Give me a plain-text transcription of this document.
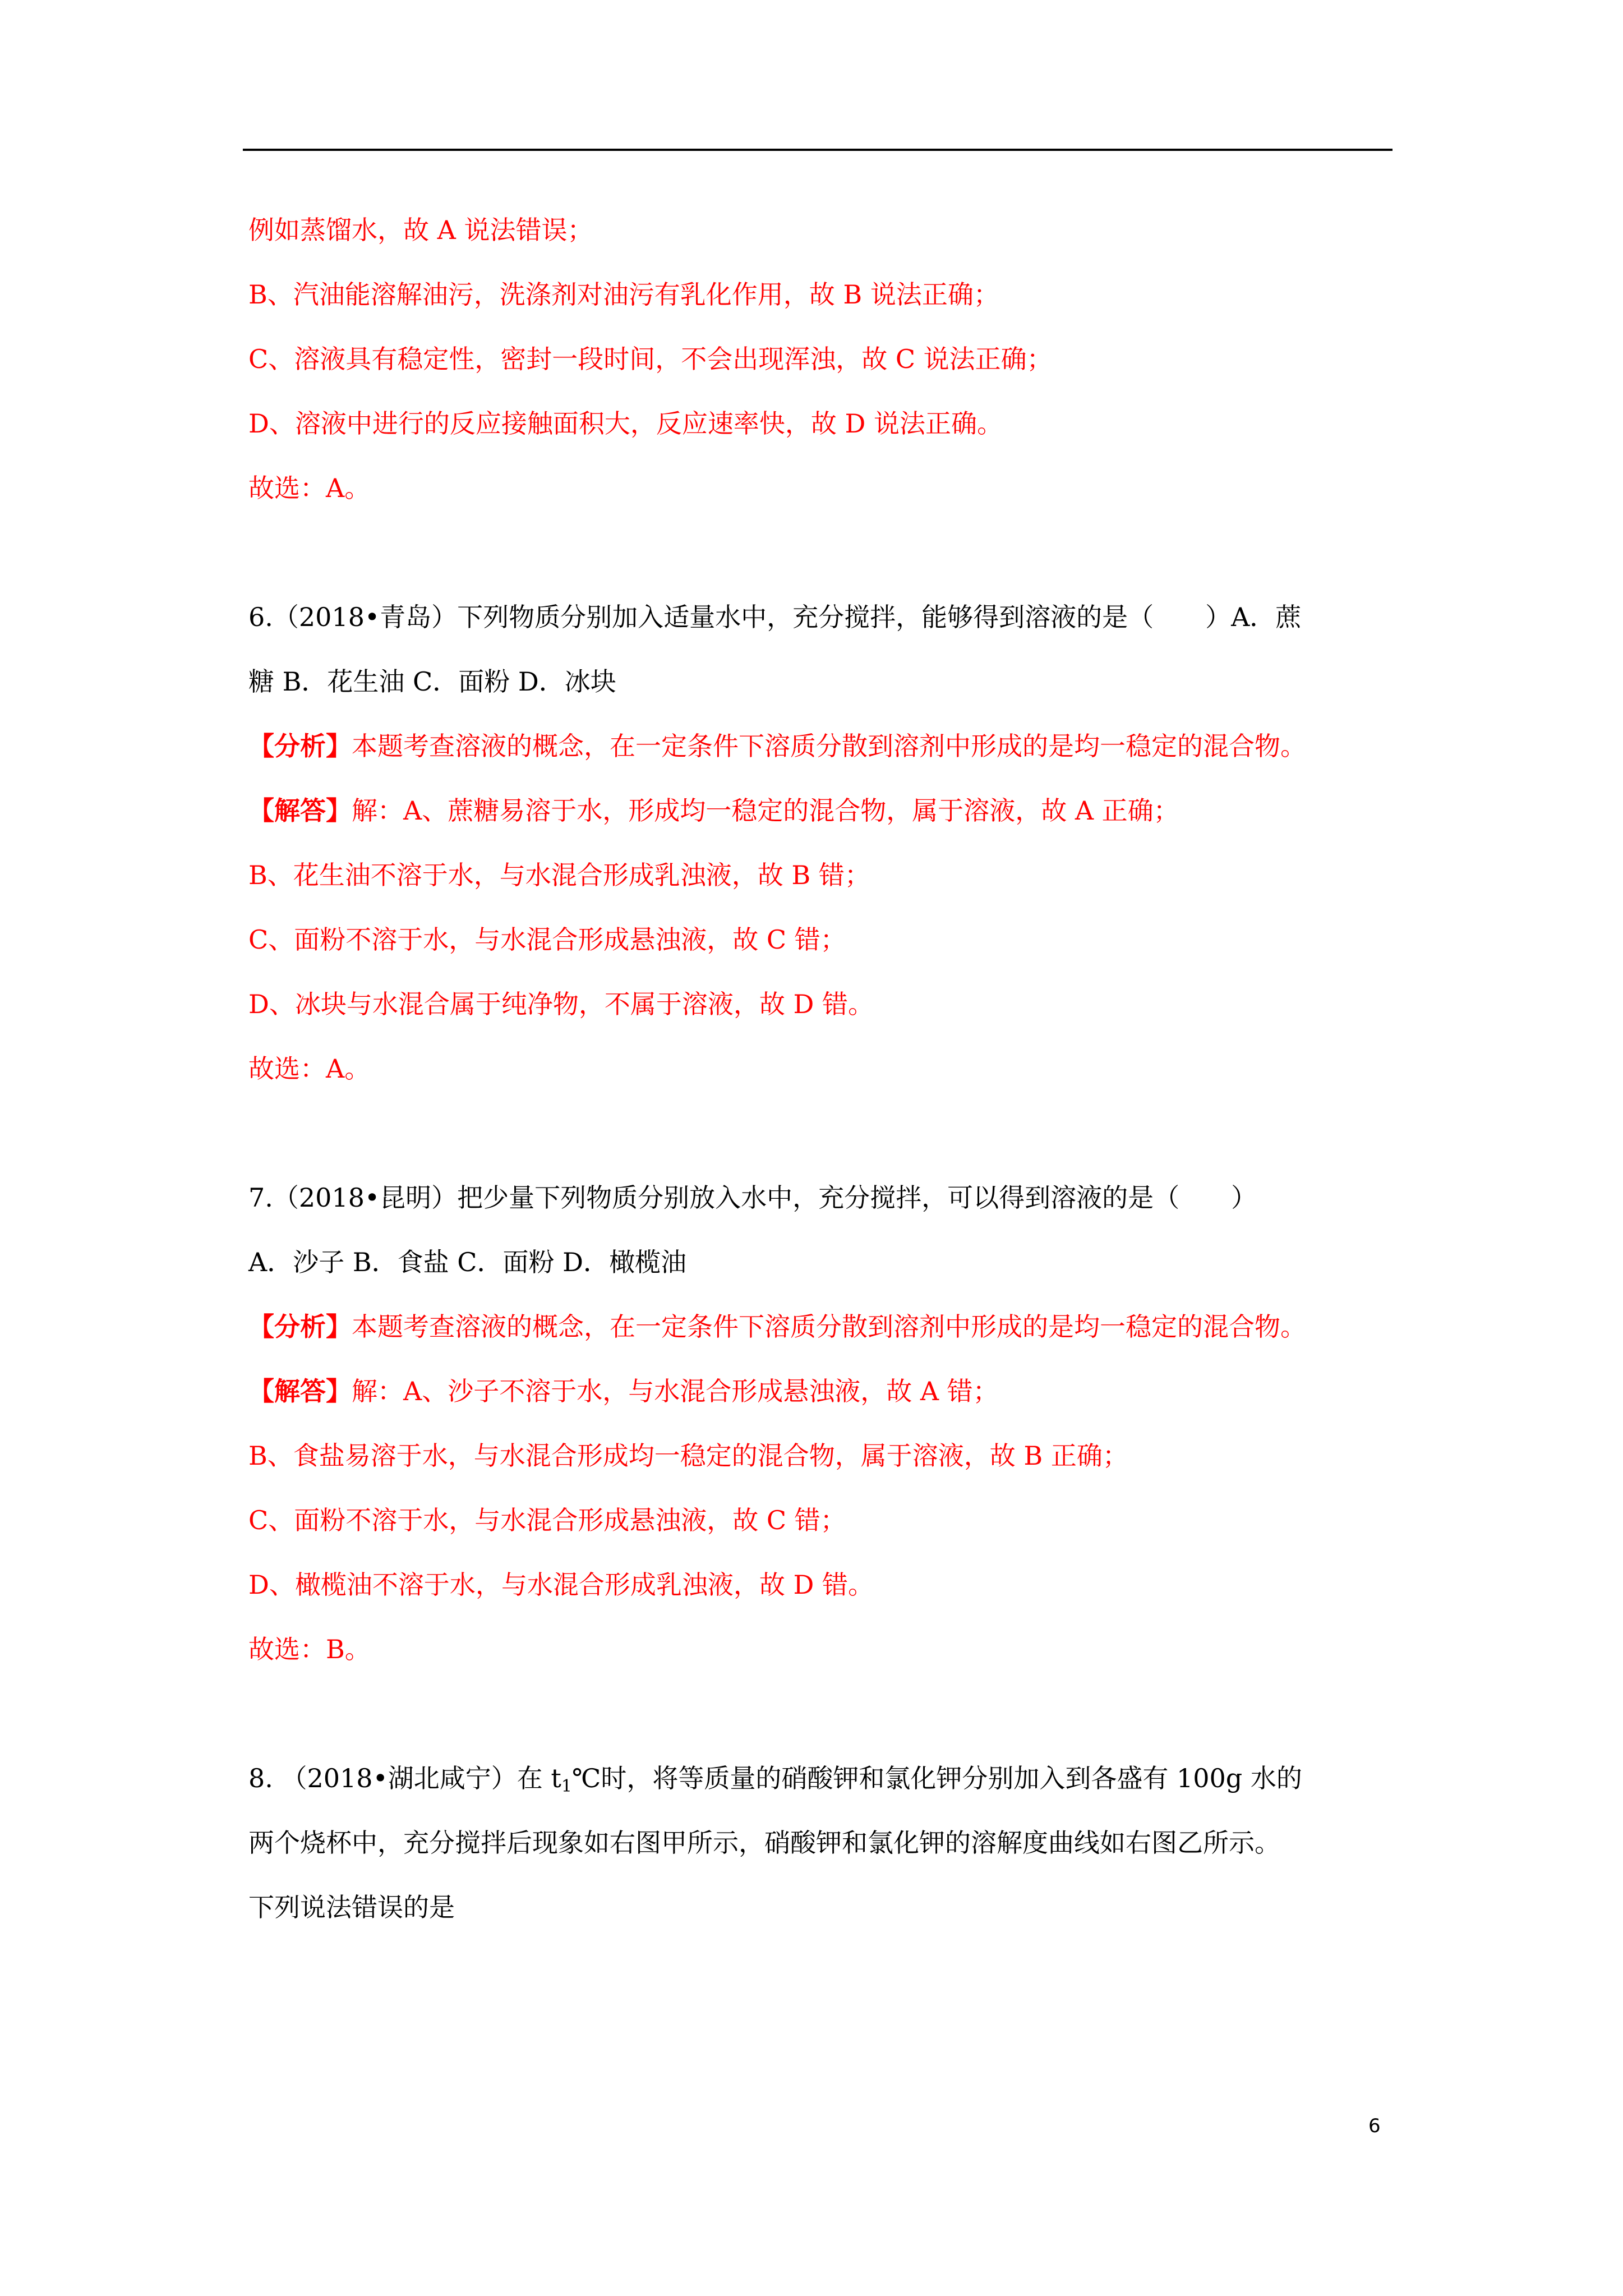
例如蒸馏水，故 A 说法错误；
B、汽油能溶解油污，洗涤剂对油污有乳化作用，故 B 说法正确；
C、溶液具有稳定性，密封一段时间，不会出现浑浊，故 C 说法正确；
D、溶液中进行的反应接触面积大，反应速率快，故 D 说法正确。
故选：A。
6.（2018•青岛）下列物质分别加入适量水中，充分搅拌，能够得到溶液的是（　　）A．蔗
糖 B．花生油 C．面粉 D．冰块
【分析】本题考查溶液的概念，在一定条件下溶质分散到溶剂中形成的是均一稳定的混合物。
【解答】解：A、蔗糖易溶于水，形成均一稳定的混合物，属于溶液，故 A 正确；
B、花生油不溶于水，与水混合形成乳浊液，故 B 错；
C、面粉不溶于水，与水混合形成悬浊液，故 C 错；
D、冰块与水混合属于纯净物，不属于溶液，故 D 错。
故选：A。
7.（2018•昆明）把少量下列物质分别放入水中，充分搅拌，可以得到溶液的是（　　）
A．沙子 B．食盐 C．面粉 D．橄榄油
【分析】本题考查溶液的概念，在一定条件下溶质分散到溶剂中形成的是均一稳定的混合物。
【解答】解：A、沙子不溶于水，与水混合形成悬浊液，故 A 错；
B、食盐易溶于水，与水混合形成均一稳定的混合物，属于溶液，故 B 正确；
C、面粉不溶于水，与水混合形成悬浊液，故 C 错；
D、橄榄油不溶于水，与水混合形成乳浊液，故 D 错。
故选：B。
8. （2018•湖北咸宁）在 $t_1℃$时，将等质量的硝酸钾和氯化钾分别加入到各盛有 100g 水的
两个烧杯中，充分搅拌后现象如右图甲所示，硝酸钾和氯化钾的溶解度曲线如右图乙所示。
下列说法错误的是
6
